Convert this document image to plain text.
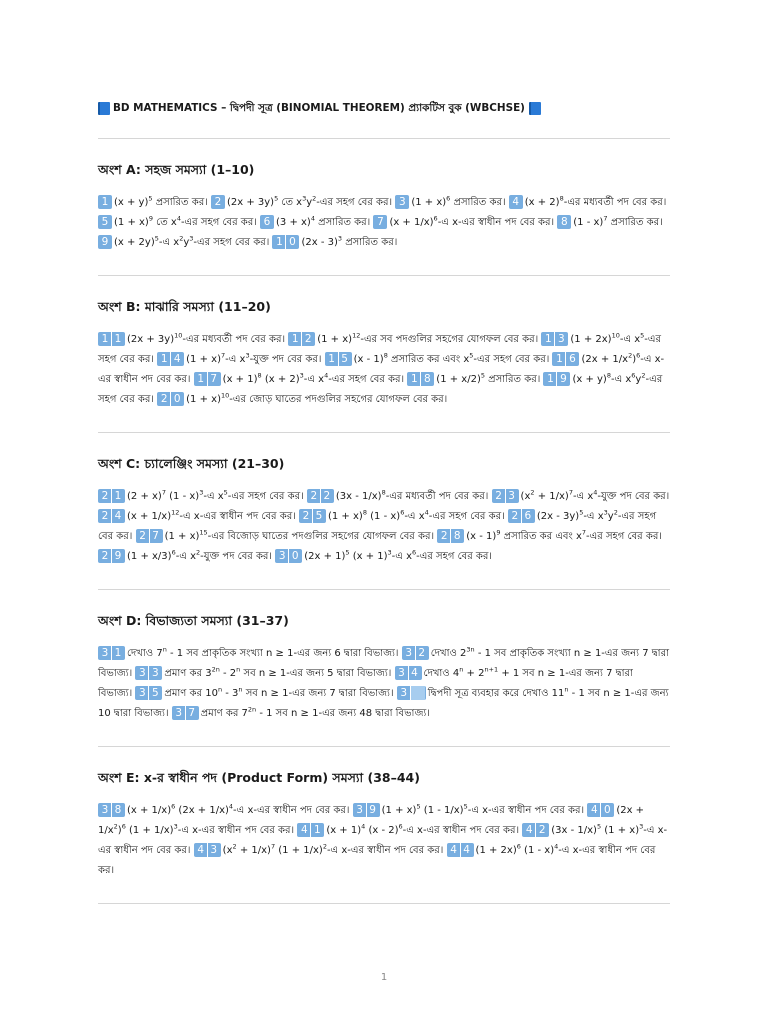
BD MATHEMATICS – দ্বিপদী সূত্র (BINOMIAL THEOREM) প্র্যাকটিস বুক (WBCHSE)
অংশ A: সহজ সমস্যা (1–10)

1 $(x + y)^5$ প্রসারিত কর। 2 $(2x + 3y)^5$ তে $x^3y^2-এর$ সহগ বের কর। 3 $(1 + x)^6$ প্রসারিত কর। 4 $(x + 2)^8-এর$ মধ্যবর্তী পদ বের কর। 5 $(1 + x)^9$ তে $x^4-এর$ সহগ বের কর। 6 $(3 + x)^4$ প্রসারিত কর। 7 $(x + 1/x)^6-এ$ x-এর স্বাধীন পদ বের কর। 8 (1 - x)$^7$ প্রসারিত কর। 9 $(x + 2y)^5-এ$ $x^2y^3-এর$ সহগ বের কর। 1 0 (2x - 3)$^3$ প্রসারিত কর।

অংশ B: মাঝারি সমস্যা (11–20)

1 1 $(2x + 3y)^{10}-এর$ মধ্যবর্তী পদ বের কর। 1 2 $(1 + x)^{12}-এর$ সব পদগুলির সহগের যোগফল বের কর। 1 3 $(1 + 2x)^{10}-এ$ $x^5-এর$ সহগ বের কর। 1 4 $(1 + x)^7-এ$ $x^3-যুক্ত$ পদ বের কর। 1 5 (x - 1)$^8$ প্রসারিত কর এবং $x^5-এর$ সহগ বের কর। 1 6 $(2x + 1/x^2)^6-এ$ x-এর স্বাধীন পদ বের কর। 1 7 $(x + 1)^8$ $(x + 2)^3-এ$ $x^4-এর$ সহগ বের কর। 1 8 $(1 + x/2)^5$ প্রসারিত কর। 1 9 $(x + y)^8-এ$ $x^6y^2-এর$ সহগ বের কর। 2 0 $(1 + x)^{10}-এর$ জোড় ঘাতের পদগুলির সহগের যোগফল বের কর।

অংশ C: চ্যালেঞ্জিং সমস্যা (21–30)

2 1 $(2 + x)^7$ (1 - x)$^3$-এ $x^5-এর$ সহগ বের কর। 2 2 (3x - 1/x)$^8$-এর মধ্যবর্তী পদ বের কর। 2 3 ($x^2$ + $1/x)^7-এ$ $x^4-যুক্ত$ পদ বের কর। 2 4 $(x + 1/x)^{12}-এ$ x-এর স্বাধীন পদ বের কর। 2 5 $(1 + x)^8$ (1 - x)$^6$-এ $x^4-এর$ সহগ বের কর। 2 6 (2x - 3y)$^5$-এ $x^3y^2-এর$ সহগ বের কর। 2 7 $(1 + x)^{15}-এর$ বিজোড় ঘাতের পদগুলির সহগের যোগফল বের কর। 2 8 (x - 1)$^9$ প্রসারিত কর এবং $x^7-এর$ সহগ বের কর। 2 9 $(1 + x/3)^6-এ$ $x^2-যুক্ত$ পদ বের কর। 3 0 $(2x + 1)^5$ $(x + 1)^3-এ$ $x^6-এর$ সহগ বের কর।

অংশ D: বিভাজ্যতা সমস্যা (31–37)

3 1 দেখাও 7$^n$ - 1 সব প্রাকৃতিক সংখ্যা n ≥ 1-এর জন্য 6 দ্বারা বিভাজ্য। 3 2 দেখাও $2^{3n} - 1$ সব প্রাকৃতিক সংখ্যা n ≥ 1-এর জন্য 7 দ্বারা বিভাজ্য। 3 3 প্রমাণ কর $3^{2n} - 2^n$ সব n ≥ 1-এর জন্য 5 দ্বারা বিভাজ্য। 3 4 দেখাও $4^n + 2^{n+1} + 1$ সব n ≥ 1-এর জন্য 7 দ্বারা বিভাজ্য। 3 5 প্রমাণ কর 10$^n$ - 3$^n$ সব n ≥ 1-এর জন্য 7 দ্বারা বিভাজ্য। 3 দ্বিপদী সূত্র ব্যবহার করে দেখাও 11$^n$ - 1 সব n ≥ 1-এর জন্য 10 দ্বারা বিভাজ্য। 3 7 প্রমাণ কর $7^{2n} - 1$ সব n ≥ 1-এর জন্য 48 দ্বারা বিভাজ্য।

অংশ E: x-র স্বাধীন পদ (Product Form) সমস্যা (38–44)

3 8 $(x + 1/x)^6$ $(2x + 1/x)^4-এ$ x-এর স্বাধীন পদ বের কর। 3 9 $(1 + x)^5$ (1 - 1/x)$^5$-এ x-এর স্বাধীন পদ বের কর। 4 0 $(2x + 1/x^2)^6$ $(1 + 1/x)^3-এ$ x-এর স্বাধীন পদ বের কর। 4 1 $(x + 1)^4$ (x - 2)$^6$-এ x-এর স্বাধীন পদ বের কর। 4 2 (3x - 1/x)$^5$ $(1 + x)^3-এ$ x-এর স্বাধীন পদ বের কর। 4 3 $(x^2 + 1/x)^7$ $(1 + 1/x)^2-এ$ x-এর স্বাধীন পদ বের কর। 4 4 $(1 + 2x)^6$ (1 - x)$^4$-এ x-এর স্বাধীন পদ বের কর।

1
